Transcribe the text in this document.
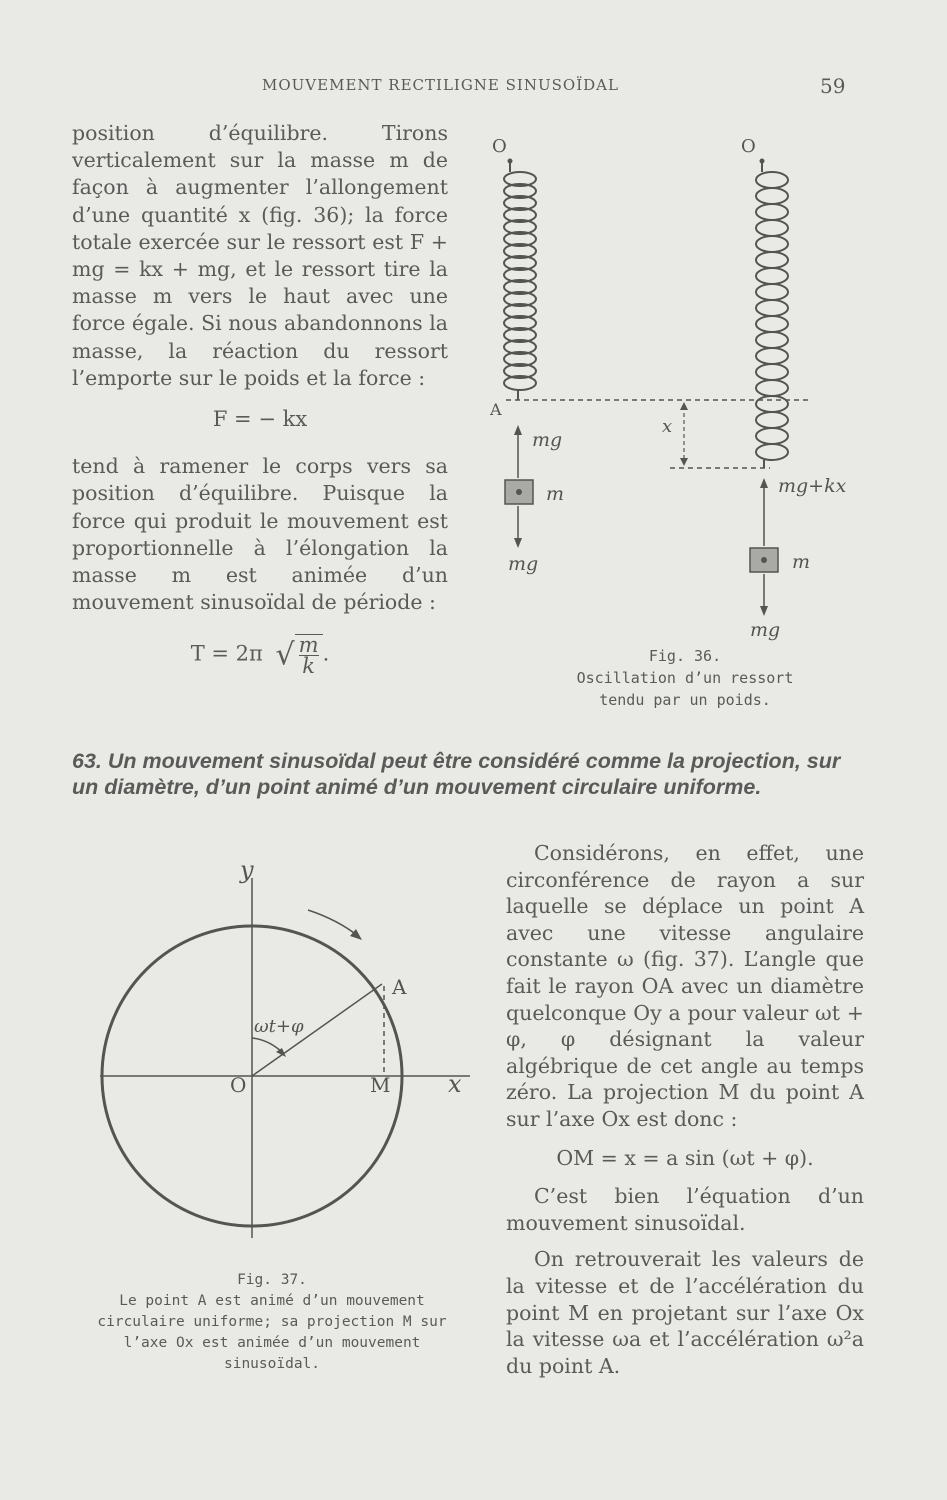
MOUVEMENT RECTILIGNE SINUSOÏDAL	59

position d’équilibre. Tirons verticalement sur la masse m de façon à augmenter l’allongement d’une quantité x (fig. 36); la force totale exercée sur le ressort est F + mg = kx + mg, et le ressort tire la masse m vers le haut avec une force égale. Si nous abandonnons la masse, la réaction du ressort l’emporte sur le poids et la force :

F = − kx

tend à ramener le corps vers sa position d’équilibre. Puisque la force qui produit le mouvement est proportionnelle à l’élongation la masse m est animée d’un mouvement sinusoïdal de période :

T = 2π √ $\frac{m}{k}$ .
O
A
mg
m
mg
O
x
mg+kx
m
mg
Fig. 36.
Oscillation d’un ressort tendu par un poids.
63. Un mouvement sinusoïdal peut être considéré comme la projection, sur un diamètre, d’un point animé d’un mouvement circulaire uniforme.
y
A
ωt+φ
O	M x
Fig. 37.
Le point A est animé d’un mouvement circulaire uniforme; sa projection M sur l’axe Ox est animée d’un mouvement sinusoïdal.

Considérons, en effet, une circonférence de rayon a sur laquelle se déplace un point A avec une vitesse angulaire constante ω (fig. 37). L’angle que fait le rayon OA avec un diamètre quelconque Oy a pour valeur ωt + φ, φ désignant la valeur algébrique de cet angle au temps zéro. La projection M du point A sur l’axe Ox est donc :

OM = x = a sin (ωt + φ).

C’est bien l’équation d’un mouvement sinusoïdal.

On retrouverait les valeurs de la vitesse et de l’accélération du point M en projetant sur l’axe Ox la vitesse ωa et l’accélération ω²a du point A.
